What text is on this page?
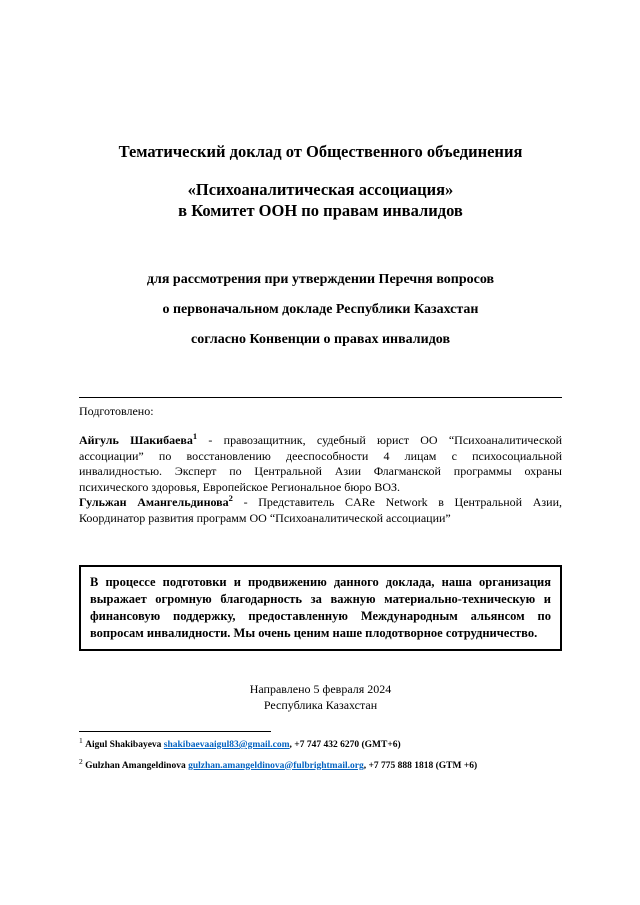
Тематический доклад от Общественного объединения

«Психоаналитическая ассоциация»

в Комитет ООН по правам инвалидов

для рассмотрения при утверждении Перечня вопросов

о первоначальном докладе Республики Казахстан

согласно Конвенции о правах инвалидов

Подготовлено:

Айгуль Шакибаева$^1$ - правозащитник, судебный юрист ОО “Психоаналитической ассоциации” по восстановлению дееспособности 4 лицам с психосоциальной инвалидностью. Эксперт по Центральной Азии Флагманской программы охраны психического здоровья, Европейское Региональное бюро ВОЗ.

Гульжан Амангельдинова$^2$ - Представитель CARe Network в Центральной Азии, Координатор развития программ ОО “Психоаналитической ассоциации”

В процессе подготовки и продвижению данного доклада, наша организация выражает огромную благодарность за важную материально-техническую и финансовую поддержку, предоставленную Международным альянсом по вопросам инвалидности. Мы очень ценим наше плодотворное сотрудничество.

Направлено 5 февраля 2024

Республика Казахстан

$^1$ Aigul Shakibayeva shakibaevaaigul83@gmail.com, +7 747 432 6270 (GMT+6)

$^2$ Gulzhan Amangeldinova gulzhan.amangeldinova@fulbrightmail.org, +7 775 888 1818 (GTM +6)
